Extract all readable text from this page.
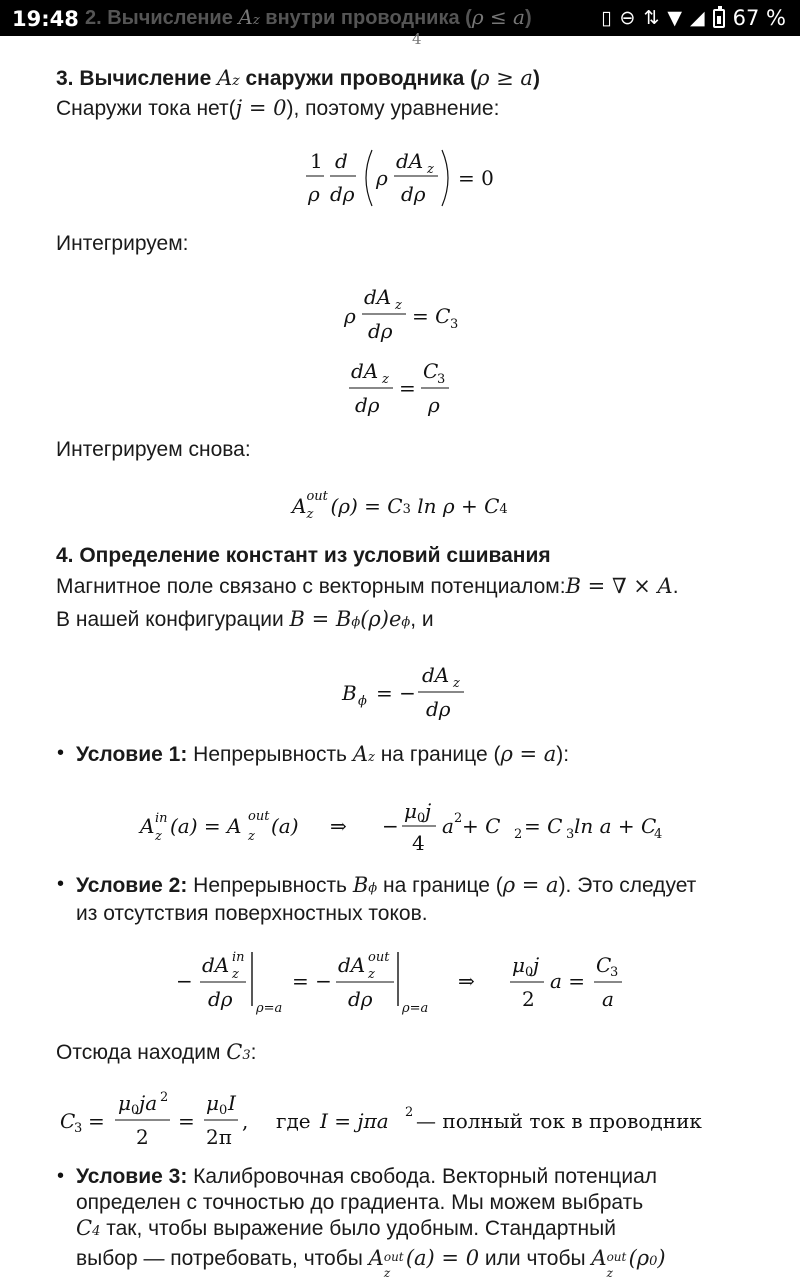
19:48	▯ ⊖ ⇅ ▼ ◢ 67 %
2. Вычисление Az внутри проводника (ρ ≤ a)
4
3. Вычисление Az снаружи проводника (ρ ≥ a)
Снаружи тока нет(j = 0), поэтому уравнение:
1
ρ
d
dρ
ρ
dA z
dρ
= 0
Интегрируем:
ρ
dA z
dρ
= C 3
dA z
dρ
=
C
3
ρ
Интегрируем снова:
A out
z (ρ) = C3 ln ρ + C4
4. Определение констант из условий сшивания
Магнитное поле связано с векторным потенциалом:B = ∇ × A.
В нашей конфигурации B = Bϕ(ρ)eϕ, и
B ϕ = −
dA z
dρ
• Условие 1: Непрерывность Az на границе (ρ = a):
A in
z (a) = A out
z (a) ⇒ −
μ 0 j
4
a 2 + C 2 = C 3 ln a + C
4
• Условие 2: Непрерывность Bϕ на границе (ρ = a). Это следует
из отсутствия поверхностных токов.
−
dA in
z
dρ ρ=a
= −
dA out
z
dρ ρ=a
⇒
μ 0 j
2
a =
C
3
a
Отсюда находим C3:
C
3 =
μ 0 ja 2
2
=
μ 0 I
2π
, где I = jπa 2 — полный ток в проводник
• Условие 3: Калибровочная свобода. Векторный потенциал
определен с точностью до градиента. Мы можем выбрать
C4 так, чтобы выражение было удобным. Стандартный
выбор — потребовать, чтобы A out
z
(a) = 0 или чтобы A out
z
(ρ0)
